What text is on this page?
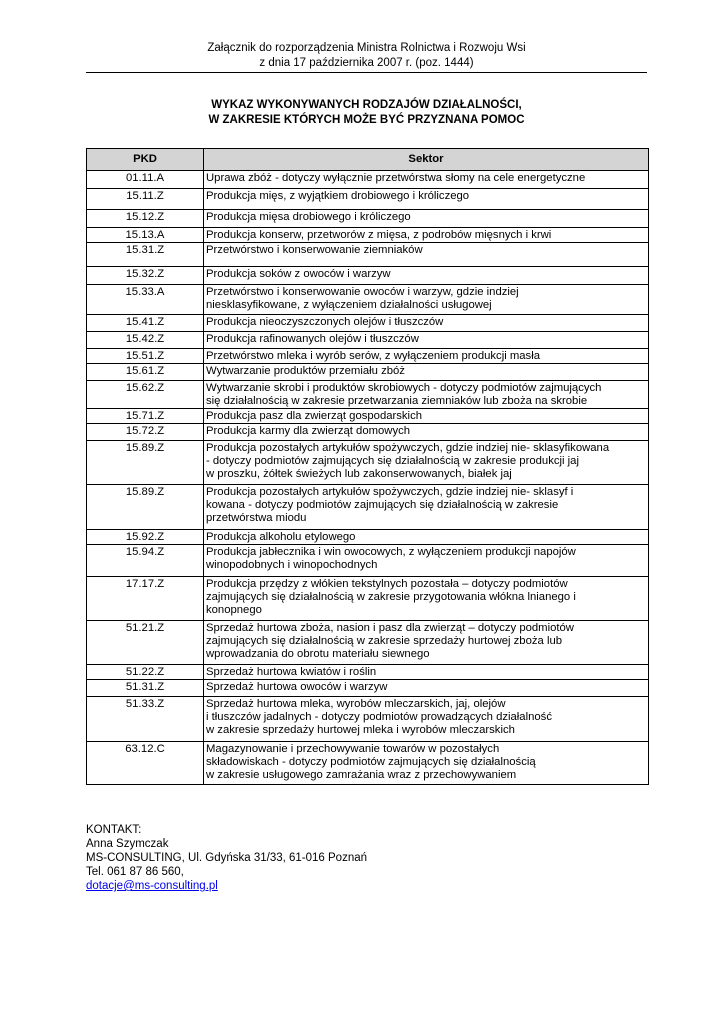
Załącznik do rozporządzenia Ministra Rolnictwa i Rozwoju Wsi
z dnia 17 października 2007 r. (poz. 1444)
WYKAZ WYKONYWANYCH RODZAJÓW DZIAŁALNOŚCI,
W ZAKRESIE KTÓRYCH MOŻE BYĆ PRZYZNANA POMOC
PKD	Sektor
01.11.A	Uprawa zbóż - dotyczy wyłącznie przetwórstwa słomy na cele energetyczne

15.11.Z	Produkcja mięs, z wyjątkiem drobiowego i króliczego

15.12.Z	Produkcja mięsa drobiowego i króliczego

15.13.A	Produkcja konserw, przetworów z mięsa, z podrobów mięsnych i krwi

15.31.Z	Przetwórstwo i konserwowanie ziemniaków

15.32.Z	Produkcja soków z owoców i warzyw

15.33.A	Przetwórstwo i konserwowanie owoców i warzyw, gdzie indziej
niesklasyfikowane, z wyłączeniem działalności usługowej

15.41.Z	Produkcja nieoczyszczonych olejów i tłuszczów

15.42.Z	Produkcja rafinowanych olejów i tłuszczów

15.51.Z	Przetwórstwo mleka i wyrób serów, z wyłączeniem produkcji masła

15.61.Z	Wytwarzanie produktów przemiału zbóż

15.62.Z	Wytwarzanie skrobi i produktów skrobiowych - dotyczy podmiotów zajmujących
się działalnością w zakresie przetwarzania ziemniaków lub zboża na skrobie

15.71.Z	Produkcja pasz dla zwierząt gospodarskich

15.72.Z	Produkcja karmy dla zwierząt domowych

15.89.Z	Produkcja pozostałych artykułów spożywczych, gdzie indziej nie- sklasyfikowana
- dotyczy podmiotów zajmujących się działalnością w zakresie produkcji jaj
w proszku, żółtek świeżych lub zakonserwowanych, białek jaj

15.89.Z	Produkcja pozostałych artykułów spożywczych, gdzie indziej nie- sklasyf i
kowana - dotyczy podmiotów zajmujących się działalnością w zakresie
przetwórstwa miodu

15.92.Z	Produkcja alkoholu etylowego

15.94.Z	Produkcja jabłecznika i win owocowych, z wyłączeniem produkcji napojów
winopodobnych i winopochodnych

17.17.Z	Produkcja przędzy z włókien tekstylnych pozostała – dotyczy podmiotów
zajmujących się działalnością w zakresie przygotowania włókna lnianego i
konopnego

51.21.Z	Sprzedaż hurtowa zboża, nasion i pasz dla zwierząt – dotyczy podmiotów
zajmujących się działalnością w zakresie sprzedaży hurtowej zboża lub
wprowadzania do obrotu materiału siewnego

51.22.Z	Sprzedaż hurtowa kwiatów i roślin

51.31.Z	Sprzedaż hurtowa owoców i warzyw

51.33.Z	Sprzedaż hurtowa mleka, wyrobów mleczarskich, jaj, olejów
i tłuszczów jadalnych - dotyczy podmiotów prowadzących działalność
w zakresie sprzedaży hurtowej mleka i wyrobów mleczarskich

63.12.C	Magazynowanie i przechowywanie towarów w pozostałych
składowiskach - dotyczy podmiotów zajmujących się działalnością
w zakresie usługowego zamrażania wraz z przechowywaniem
KONTAKT:
Anna Szymczak
MS-CONSULTING, Ul. Gdyńska 31/33, 61-016 Poznań
Tel. 061 87 86 560,
dotacje@ms-consulting.pl
